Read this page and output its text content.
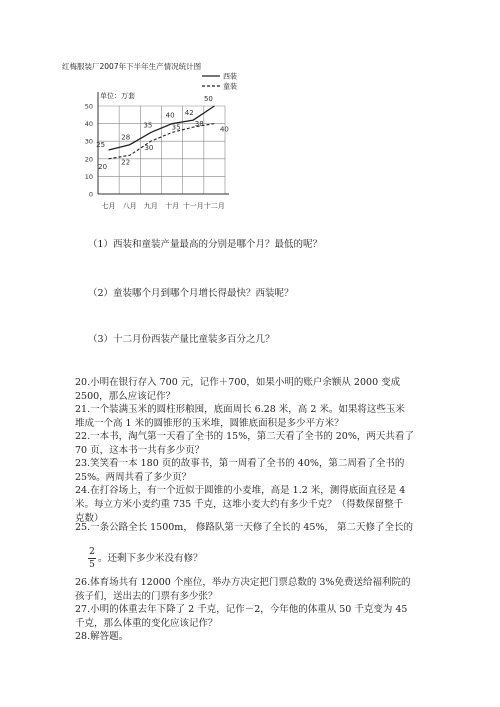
红梅服装厂2007年下半年生产情况统计图
0
10
20
30
40
50
单位：万套
七月 八月 九月 十月 十一月 十二月
25
28
35
40 42
50
西装
20
22
30
35 38
40
童装
（1）西装和童装产量最高的分别是哪个月？最低的呢？
（2）童装哪个月到哪个月增长得最快？西装呢？
（3）十二月份西装产量比童装多百分之几？
20.小明在银行存入 700 元，记作＋700，如果小明的账户余额从 2000 变成
2500，那么应该记作？
21.一个装满玉米的圆柱形粮囤，底面周长 6.28 米，高 2 米。如果将这些玉米
堆成一个高 1 米的圆锥形的玉米堆，圆锥底面积是多少平方米？
22.一本书，淘气第一天看了全书的 15%，第二天看了全书的 20%，两天共看了
70 页，这本书一共有多少页？
23.笑笑看一本 180 页的故事书，第一周看了全书的 40%，第二周看了全书的
25%。两周共看了多少页？
24.在打谷场上，有一个近似于圆锥的小麦堆，高是 1.2 米，测得底面直径是 4
米。每立方米小麦约重 735 千克，这堆小麦大约有多少千克？（得数保留整千
克数）
25.一条公路全长 1500m， 修路队第一天修了全长的 45%， 第二天修了全长的
2
5
。还剩下多少米没有修？
26.体育场共有 12000 个座位，举办方决定把门票总数的 3%免费送给福利院的
孩子们，送出去的门票有多少张？
27.小明的体重去年下降了 2 千克，记作－2，今年他的体重从 50 千克变为 45
千克，那么体重的变化应该记作？
28.解答题。
